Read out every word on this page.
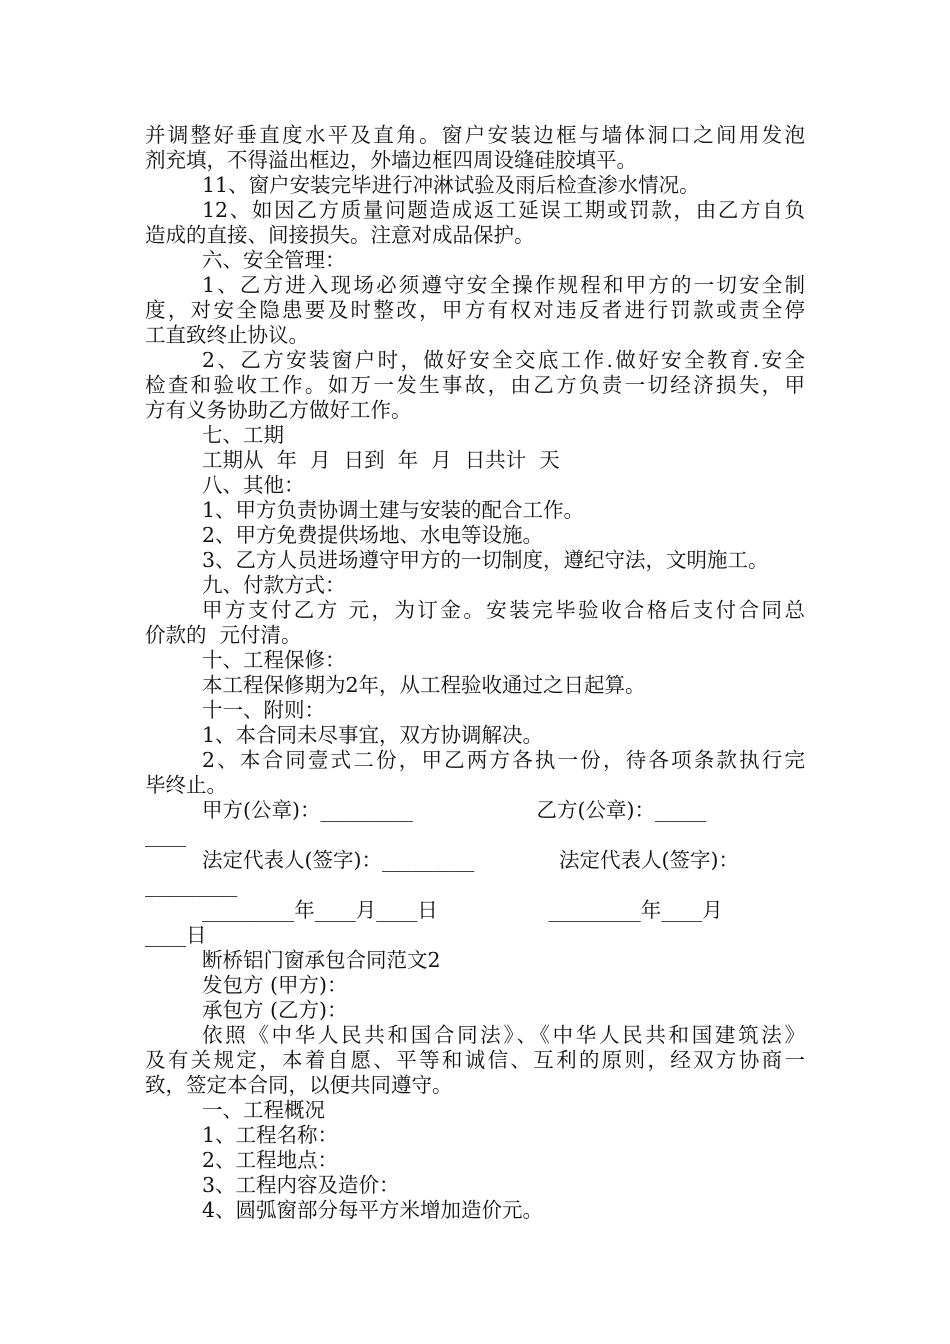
并调整好垂直度水平及直角。窗户安装边框与墙体洞口之间用发泡
剂充填，不得溢出框边，外墙边框四周设缝硅胶填平。
11、窗户安装完毕进行冲淋试验及雨后检查渗水情况。
12、如因乙方质量问题造成返工延误工期或罚款，由乙方自负
造成的直接、间接损失。注意对成品保护。
六、安全管理：
1、乙方进入现场必须遵守安全操作规程和甲方的一切安全制
度，对安全隐患要及时整改，甲方有权对违反者进行罚款或责全停
工直致终止协议。
2、乙方安装窗户时，做好安全交底工作.做好安全教育.安全
检查和验收工作。如万一发生事故，由乙方负责一切经济损失，甲
方有义务协助乙方做好工作。
七、工期
工期从  年  月  日到  年  月  日共计  天
八、其他：
1、甲方负责协调土建与安装的配合工作。
2、甲方免费提供场地、水电等设施。
3、乙方人员进场遵守甲方的一切制度，遵纪守法，文明施工。
九、付款方式：
甲方支付乙方 元，为订金。安装完毕验收合格后支付合同总
价款的  元付清。
十、工程保修：
本工程保修期为2年，从工程验收通过之日起算。
十一、附则：
1、本合同未尽事宜，双方协调解决。
2、本合同壹式二份，甲乙两方各执一份，待各项条款执行完
毕终止。
甲方(公章)：_________                   乙方(公章)：_____
____
法定代表人(签字)：_________             法定代表人(签字)：
_________
_________年____月____日                 _________年____月
____日
断桥铝门窗承包合同范文2
发包方 (甲方)：
承包方 (乙方)：
依照《中华人民共和国合同法》、《中华人民共和国建筑法》
及有关规定，本着自愿、平等和诚信、互利的原则，经双方协商一
致，签定本合同，以便共同遵守。
一、工程概况
1、工程名称：
2、工程地点：
3、工程内容及造价：
4、圆弧窗部分每平方米增加造价元。
